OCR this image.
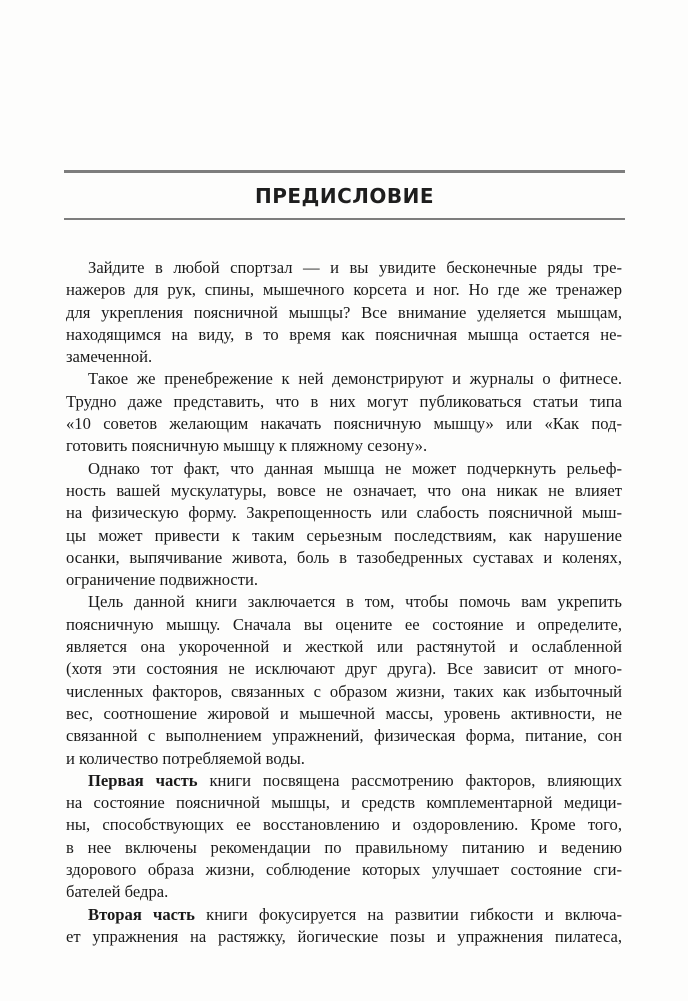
ПРЕДИСЛОВИЕ
Зайдите в любой спортзал — и вы увидите бесконечные ряды тре-
нажеров для рук, спины, мышечного корсета и ног. Но где же тренажер
для укрепления поясничной мышцы? Все внимание уделяется мышцам,
находящимся на виду, в то время как поясничная мышца остается не-
замеченной.
Такое же пренебрежение к ней демонстрируют и журналы о фитнесе.
Трудно даже представить, что в них могут публиковаться статьи типа
«10 советов желающим накачать поясничную мышцу» или «Как под-
готовить поясничную мышцу к пляжному сезону».
Однако тот факт, что данная мышца не может подчеркнуть рельеф-
ность вашей мускулатуры, вовсе не означает, что она никак не влияет
на физическую форму. Закрепощенность или слабость поясничной мыш-
цы может привести к таким серьезным последствиям, как нарушение
осанки, выпячивание живота, боль в тазобедренных суставах и коленях,
ограничение подвижности.
Цель данной книги заключается в том, чтобы помочь вам укрепить
поясничную мышцу. Сначала вы оцените ее состояние и определите,
является она укороченной и жесткой или растянутой и ослабленной
(хотя эти состояния не исключают друг друга). Все зависит от много-
численных факторов, связанных с образом жизни, таких как избыточный
вес, соотношение жировой и мышечной массы, уровень активности, не
связанной с выполнением упражнений, физическая форма, питание, сон
и количество потребляемой воды.
Первая часть книги посвящена рассмотрению факторов, влияющих
на состояние поясничной мышцы, и средств комплементарной медици-
ны, способствующих ее восстановлению и оздоровлению. Кроме того,
в нее включены рекомендации по правильному питанию и ведению
здорового образа жизни, соблюдение которых улучшает состояние сги-
бателей бедра.
Вторая часть книги фокусируется на развитии гибкости и включа-
ет упражнения на растяжку, йогические позы и упражнения пилатеса,
